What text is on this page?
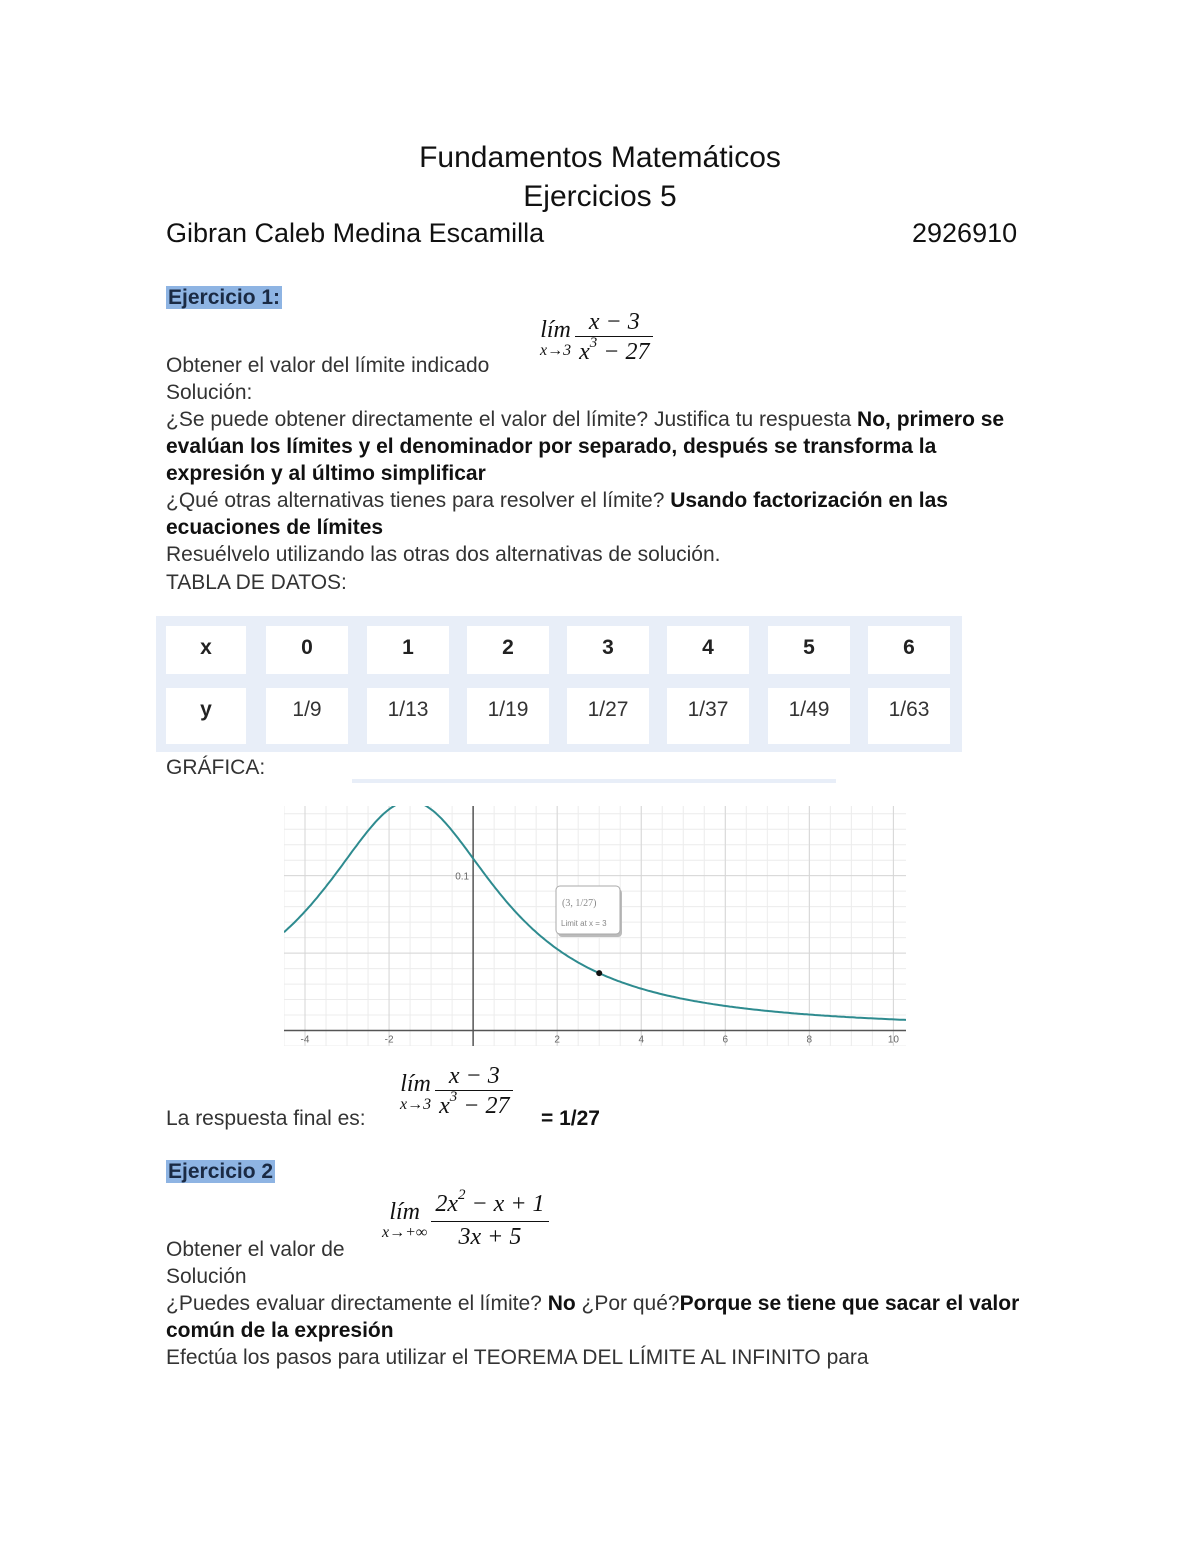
Fundamentos Matemáticos
Ejercicios 5
Gibran Caleb Medina Escamilla	2926910
Ejercicio 1:
lím
$x\to 3 \frac{x - 3}{x^3 - 27}$
Obtener el valor del límite indicado
Solución:
¿Se puede obtener directamente el valor del límite? Justifica tu respuesta No, primero se evalúan los límites y el denominador por separado, después se transforma la expresión y al último simplificar
¿Qué otras alternativas tienes para resolver el límite? Usando factorización en las ecuaciones de límites
Resuélvelo utilizando las otras dos alternativas de solución.
TABLA DE DATOS:
x	0	1	2	3	4	5	6
y	1/9	1/13	1/19	1/27	1/37	1/49	1/63
GRÁFICA:
-4	-2	2	4	6	8	10
0.1
(3, 1/27)
Limit at x = 3
lím
$x\to 3 \frac{x - 3}{x^3 - 27}$
La respuesta final es:	= 1/27
Ejercicio 2
lím
$x\to+\infty \frac{2x^2 - x + 1}{3x + 5}$
Obtener el valor de
Solución
¿Puedes evaluar directamente el límite? No ¿Por qué?Porque se tiene que sacar el valor común de la expresión
Efectúa los pasos para utilizar el TEOREMA DEL LÍMITE AL INFINITO para
